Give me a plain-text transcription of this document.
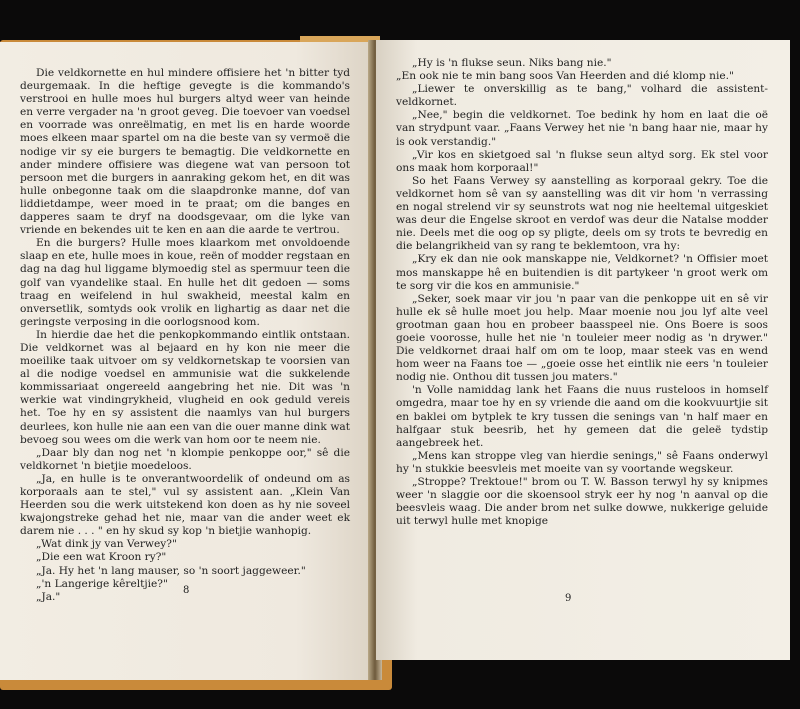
Die veldkornette en hul mindere offisiere het 'n bitter tyd deurgemaak. In die heftige gevegte is die kommando's verstrooi en hulle moes hul burgers altyd weer van heinde en verre vergader na 'n groot geveg. Die toevoer van voedsel en voorrade was onreëlmatig, en met lis en harde woorde moes elkeen maar spartel om na die beste van sy vermoë die nodige vir sy eie burgers te bemagtig. Die veldkornette en ander mindere offisiere was diegene wat van persoon tot persoon met die burgers in aanraking gekom het, en dit was hulle onbegonne taak om die slaapdronke manne, dof van liddietdampe, weer moed in te praat; om die banges en dapperes saam te dryf na doodsgevaar, om die lyke van vriende en bekendes uit te ken en aan die aarde te vertrou.

En die burgers? Hulle moes klaarkom met onvoldoende slaap en ete, hulle moes in koue, reën of modder regstaan en dag na dag hul liggame blymoedig stel as spermuur teen die golf van vyandelike staal. En hulle het dit gedoen — soms traag en weifelend in hul swakheid, meestal kalm en onversetlik, somtyds ook vrolik en lighartig as daar net die geringste verposing in die oorlogsnood kom.

In hierdie dae het die penkopkommando eintlik ontstaan. Die veldkornet was al bejaard en hy kon nie meer die moeilike taak uitvoer om sy veldkornetskap te voorsien van al die nodige voedsel en ammunisie wat die sukkelende kommissariaat ongereeld aangebring het nie. Dit was 'n werkie wat vindingrykheid, vlugheid en ook geduld vereis het. Toe hy en sy assistent die naamlys van hul burgers deurlees, kon hulle nie aan een van die ouer manne dink wat bevoeg sou wees om die werk van hom oor te neem nie.

„Daar bly dan nog net 'n klompie penkoppe oor," sê die veldkornet 'n bietjie moedeloos.

„Ja, en hulle is te onverantwoordelik of ondeund om as korporaals aan te stel," vul sy assistent aan. „Klein Van Heerden sou die werk uitstekend kon doen as hy nie soveel kwajongstreke gehad het nie, maar van die ander weet ek darem nie . . . " en hy skud sy kop 'n bietjie wanhopig.

„Wat dink jy van Verwey?"

„Die een wat Kroon ry?"

„Ja. Hy het 'n lang mauser, so 'n soort jaggeweer."

„'n Langerige kêreltjie?"

„Ja."

8

„Hy is 'n flukse seun. Niks bang nie."

„En ook nie te min bang soos Van Heerden and dié klomp nie."

„Liewer te onverskillig as te bang," volhard die assistent-veldkornet.

„Nee," begin die veldkornet. Toe bedink hy hom en laat die oë van strydpunt vaar. „Faans Verwey het nie 'n bang haar nie, maar hy is ook verstandig."

„Vir kos en skietgoed sal 'n flukse seun altyd sorg. Ek stel voor ons maak hom korporaal!"

So het Faans Verwey sy aanstelling as korporaal gekry. Toe die veldkornet hom sê van sy aanstelling was dit vir hom 'n verrassing en nogal strelend vir sy seunstrots wat nog nie heeltemal uitgeskiet was deur die Engelse skroot en verdof was deur die Natalse modder nie. Deels met die oog op sy pligte, deels om sy trots te bevredig en die belangrikheid van sy rang te beklemtoon, vra hy:

„Kry ek dan nie ook manskappe nie, Veldkornet? 'n Offisier moet mos manskappe hê en buitendien is dit partykeer 'n groot werk om te sorg vir die kos en ammunisie."

„Seker, soek maar vir jou 'n paar van die penkoppe uit en sê vir hulle ek sê hulle moet jou help. Maar moenie nou jou lyf alte veel grootman gaan hou en probeer baasspeel nie. Ons Boere is soos goeie voorosse, hulle het nie 'n touleier meer nodig as 'n drywer." Die veldkornet draai half om om te loop, maar steek vas en wend hom weer na Faans toe — „goeie osse het eintlik nie eers 'n touleier nodig nie. Onthou dit tussen jou maters."

'n Volle namiddag lank het Faans die nuus rusteloos in homself omgedra, maar toe hy en sy vriende die aand om die kookvuurtjie sit en baklei om bytplek te kry tussen die senings van 'n half maer en halfgaar stuk beesrib, het hy gemeen dat die geleë tydstip aangebreek het.

„Mens kan stroppe vleg van hierdie senings," sê Faans onderwyl hy 'n stukkie beesvleis met moeite van sy voortande wegskeur.

„Stroppe? Trektoue!" brom ou T. W. Basson terwyl hy sy knipmes weer 'n slaggie oor die skoensool stryk eer hy nog 'n aanval op die beesvleis waag. Die ander brom net sulke dowwe, nukkerige geluide uit terwyl hulle met knopige

9
